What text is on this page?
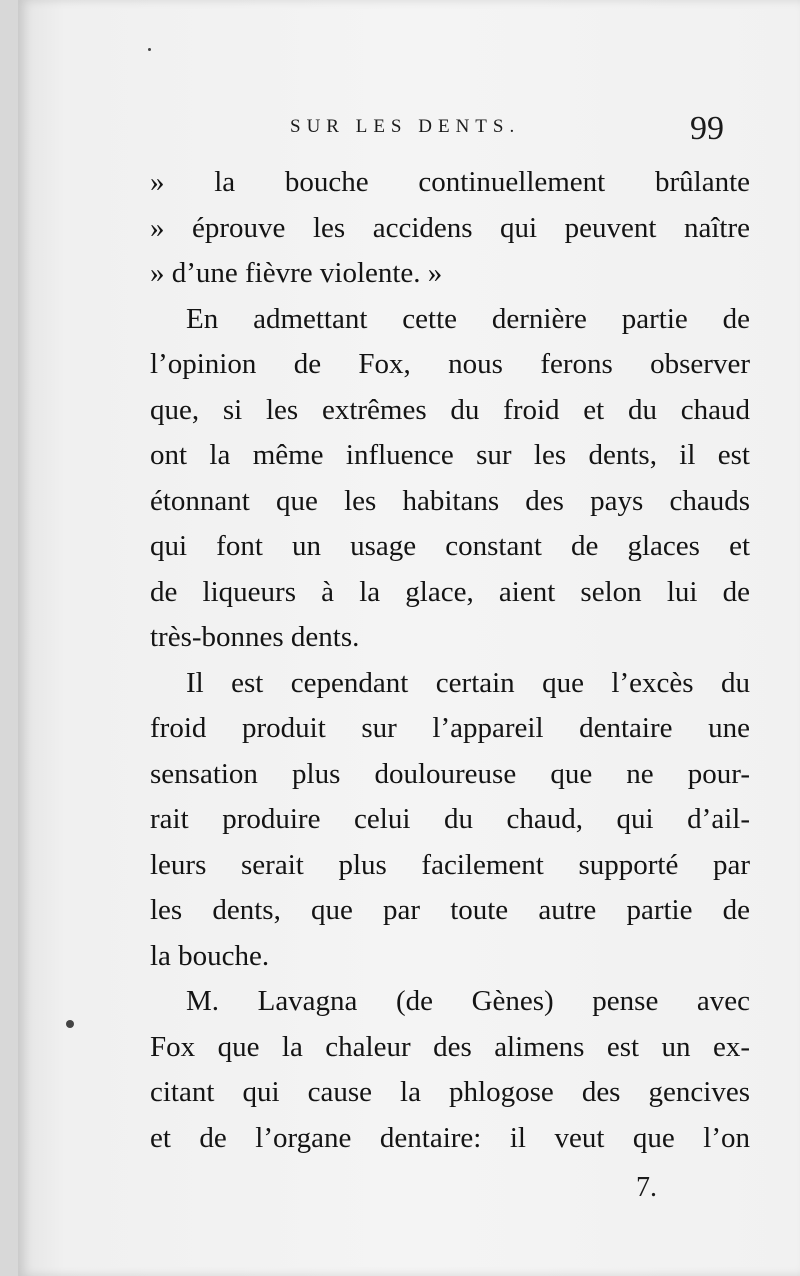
SUR LES DENTS.	99
» la bouche continuellement brûlante
» éprouve les accidens qui peuvent naître
» d’une fièvre violente. »
En admettant cette dernière partie de
l’opinion de Fox, nous ferons observer
que, si les extrêmes du froid et du chaud
ont la même influence sur les dents, il est
étonnant que les habitans des pays chauds
qui font un usage constant de glaces et
de liqueurs à la glace, aient selon lui de
très-bonnes dents.
Il est cependant certain que l’excès du
froid produit sur l’appareil dentaire une
sensation plus douloureuse que ne pour-
rait produire celui du chaud, qui d’ail-
leurs serait plus facilement supporté par
les dents, que par toute autre partie de
la bouche.
M. Lavagna (de Gènes) pense avec
Fox que la chaleur des alimens est un ex-
citant qui cause la phlogose des gencives
et de l’organe dentaire: il veut que l’on
7.
